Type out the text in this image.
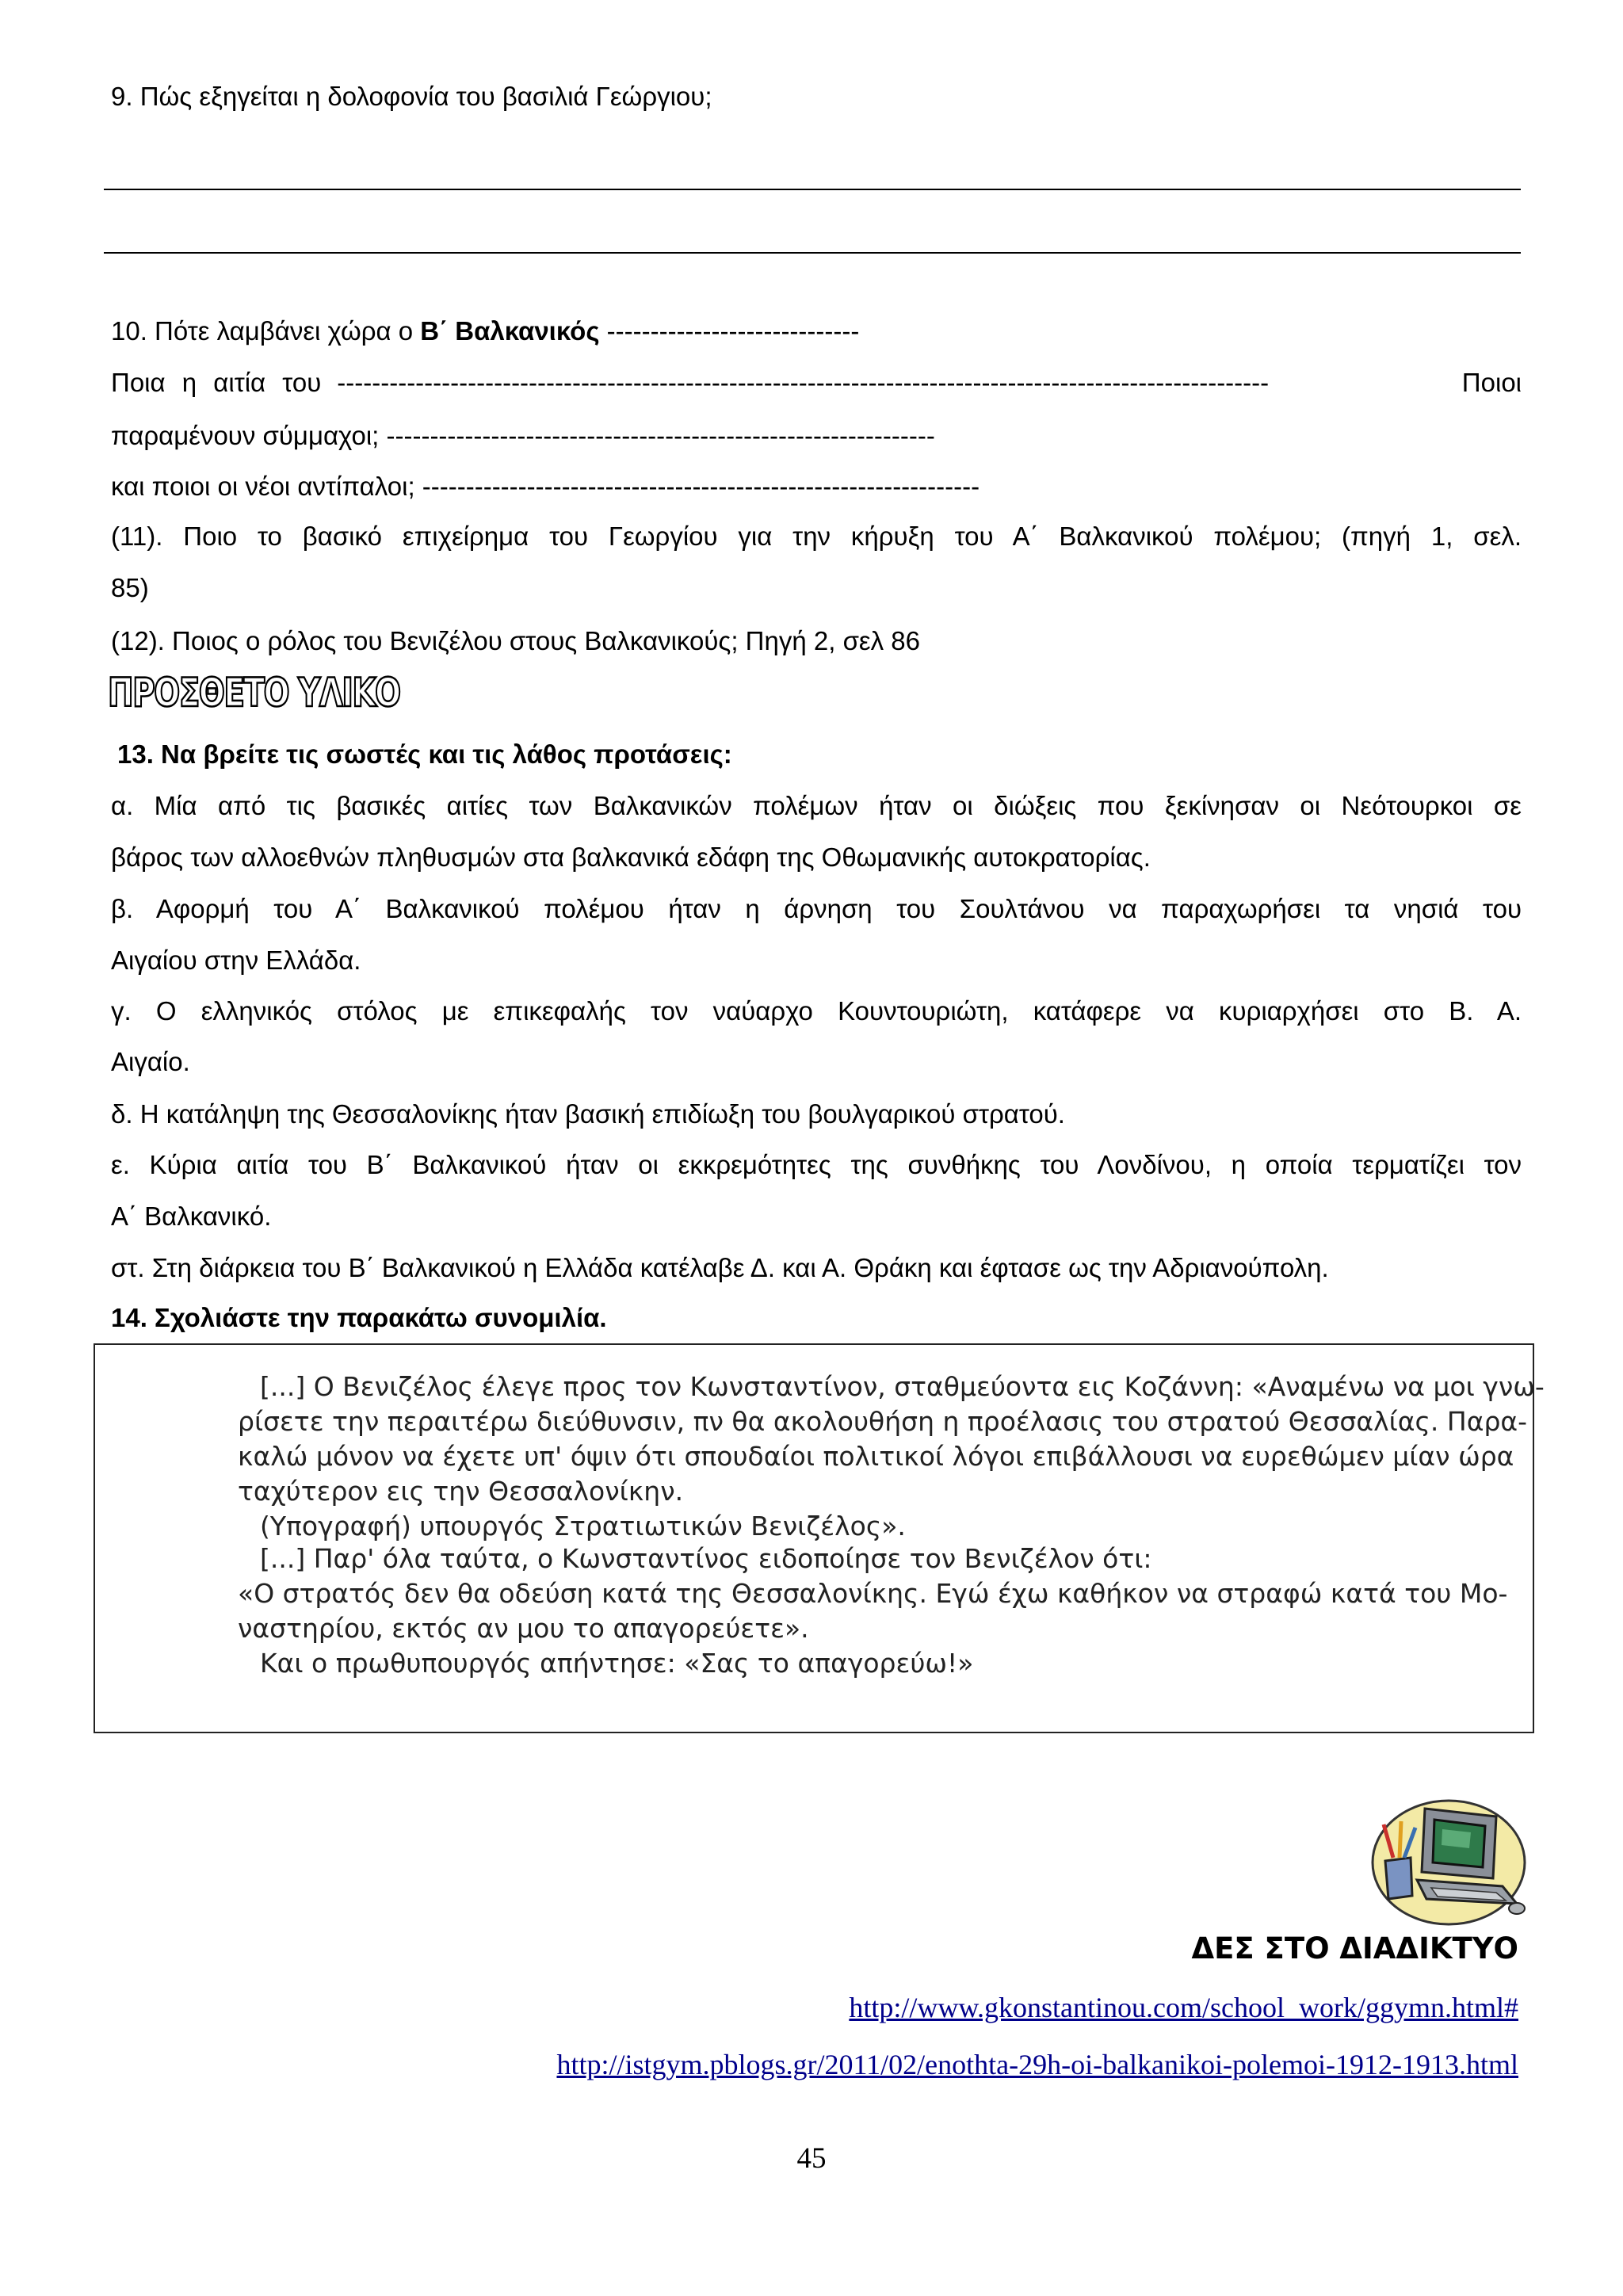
9. Πώς εξηγείται η δολοφονία του βασιλιά Γεώργιου;
10. Πότε λαμβάνει χώρα ο Β΄ Βαλκανικός -----------------------------
Ποια η αιτία του -----------------------------------------------------------------------------------------------------------	Ποιοι
παραμένουν σύμμαχοι; ---------------------------------------------------------------
και ποιοι οι νέοι αντίπαλοι; ----------------------------------------------------------------
(11). Ποιο το βασικό επιχείρημα του Γεωργίου για την κήρυξη του Α΄ Βαλκανικού πολέμου; (πηγή 1, σελ.
85)
(12). Ποιος ο ρόλος του Βενιζέλου στους Βαλκανικούς; Πηγή 2, σελ 86
ΠΡΟΣΘΕΤΟ ΥΛΙΚΟ
13. Να βρείτε τις σωστές και τις λάθος προτάσεις:
α. Μία από τις βασικές αιτίες των Βαλκανικών πολέμων ήταν οι διώξεις που ξεκίνησαν οι Νεότουρκοι σε
βάρος των αλλοεθνών πληθυσμών στα βαλκανικά εδάφη της Οθωμανικής αυτοκρατορίας.
β. Αφορμή του Α΄ Βαλκανικού πολέμου ήταν η άρνηση του Σουλτάνου να παραχωρήσει τα νησιά του
Αιγαίου στην Ελλάδα.
γ. Ο ελληνικός στόλος με επικεφαλής τον ναύαρχο Κουντουριώτη, κατάφερε να κυριαρχήσει στο Β. Α.
Αιγαίο.
δ. Η κατάληψη της Θεσσαλονίκης ήταν βασική επιδίωξη του βουλγαρικού στρατού.
ε. Κύρια αιτία του Β΄ Βαλκανικού ήταν οι εκκρεμότητες της συνθήκης του Λονδίνου, η οποία τερματίζει τον
Α΄ Βαλκανικό.
στ. Στη διάρκεια του Β΄ Βαλκανικού η Ελλάδα κατέλαβε Δ. και Α. Θράκη και έφτασε ως την Αδριανούπολη.
14. Σχολιάστε την παρακάτω συνομιλία.
[...] Ο Βενιζέλος έλεγε προς τον Κωνσταντίνον, σταθμεύοντα εις Κοζάννη: «Αναμένω να μοι γνω-
ρίσετε την περαιτέρω διεύθυνσιν, πν θα ακολουθήση η προέλασις του στρατού Θεσσαλίας. Παρα-
καλώ μόνον να έχετε υπ' όψιν ότι σπουδαίοι πολιτικοί λόγοι επιβάλλουσι να ευρεθώμεν μίαν ώρα
ταχύτερον εις την Θεσσαλονίκην.
(Υπογραφή) υπουργός Στρατιωτικών Βενιζέλος».
[...] Παρ' όλα ταύτα, ο Κωνσταντίνος ειδοποίησε τον Βενιζέλον ότι:
«Ο στρατός δεν θα οδεύση κατά της Θεσσαλονίκης. Εγώ έχω καθήκον να στραφώ κατά του Μο-
ναστηρίου, εκτός αν μου το απαγορεύετε».
Και ο πρωθυπουργός απήντησε: «Σας το απαγορεύω!»
ΔΕΣ ΣΤΟ ΔΙΑΔΙΚΤΥΟ
http://www.gkonstantinou.com/school_work/ggymn.html#
http://istgym.pblogs.gr/2011/02/enothta-29h-oi-balkanikoi-polemoi-1912-1913.html
45
